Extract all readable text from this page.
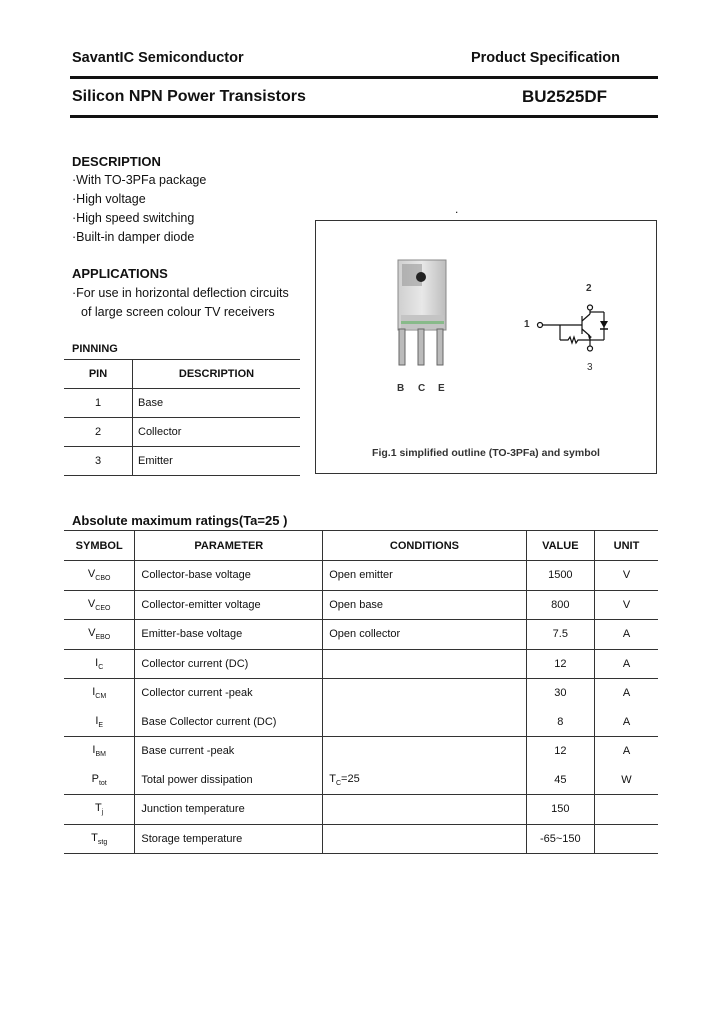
SavantIC Semiconductor	Product Specification
Silicon NPN Power Transistors	BU2525DF
DESCRIPTION
·With TO-3PFa package
·High voltage
·High speed switching
·Built-in damper diode
APPLICATIONS
·For use in horizontal deflection circuits
of large screen colour TV receivers
PINNING
PIN	DESCRIPTION
1	Base
2	Collector
3	Emitter
.
B C E
2
1
3
Fig.1 simplified outline (TO-3PFa) and symbol
Absolute maximum ratings(Ta=25 )
SYMBOL	PARAMETER	CONDITIONS	VALUE	UNIT
$V_{CBO}$	Collector-base voltage	Open emitter	1500	V
$V_{CEO}$	Collector-emitter voltage	Open base	800	V
$V_{EBO}$	Emitter-base voltage	Open collector	7.5	A
$I_C$	Collector current (DC)		12	A
$I_{CM}$	Collector current -peak		30	A
$I_E$	Base Collector current (DC)		8	A
$I_{BM}$	Base current -peak		12	A
$P_{tot}$	Total power dissipation	$T_C=25$	45	W
$T_j$	Junction temperature		150	
$T_{stg}$	Storage temperature		-65~150	
